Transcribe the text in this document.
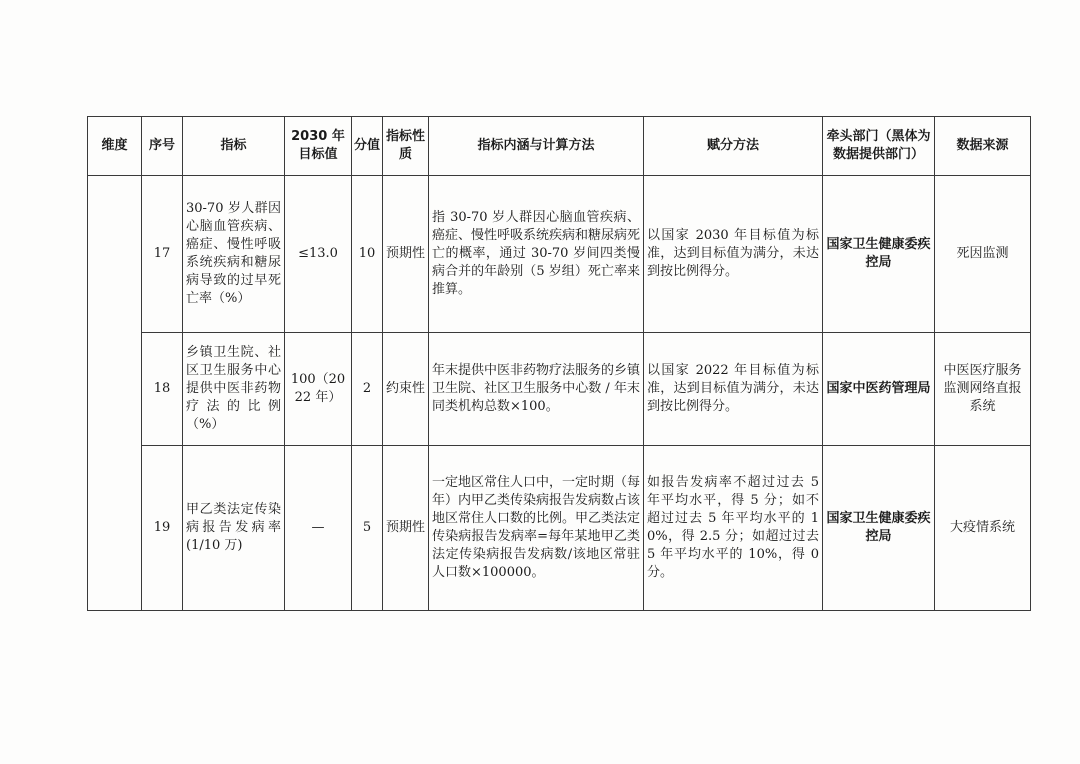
维度	序号	指标	2030 年目标值	分值	指标性质	指标内涵与计算方法	赋分方法	牵头部门（黑体为数据提供部门）	数据来源
	17	30-70 岁人群因心脑血管疾病、癌症、慢性呼吸系统疾病和糖尿病导致的过早死亡率（%）	≤13.0	10	预期性	指 30-70 岁人群因心脑血管疾病、癌症、慢性呼吸系统疾病和糖尿病死亡的概率，通过 30-70 岁间四类慢病合并的年龄别（5 岁组）死亡率来推算。	以国家 2030 年目标值为标准，达到目标值为满分，未达到按比例得分。	国家卫生健康委疾控局	死因监测
	18	乡镇卫生院、社区卫生服务中心提供中医非药物疗法的比例（%）	100（2022 年）	2	约束性	年末提供中医非药物疗法服务的乡镇卫生院、社区卫生服务中心数 / 年末同类机构总数×100。	以国家 2022 年目标值为标准，达到目标值为满分，未达到按比例得分。	国家中医药管理局	中医医疗服务监测网络直报系统
	19	甲乙类法定传染病报告发病率(1/10 万)	—	5	预期性	一定地区常住人口中，一定时期（每年）内甲乙类传染病报告发病数占该地区常住人口数的比例。甲乙类法定传染病报告发病率=每年某地甲乙类法定传染病报告发病数/该地区常驻人口数×100000。	如报告发病率不超过过去 5 年平均水平，得 5 分；如不超过过去 5 年平均水平的 10%，得 2.5 分；如超过过去 5 年平均水平的 10%，得 0 分。	国家卫生健康委疾控局	大疫情系统
